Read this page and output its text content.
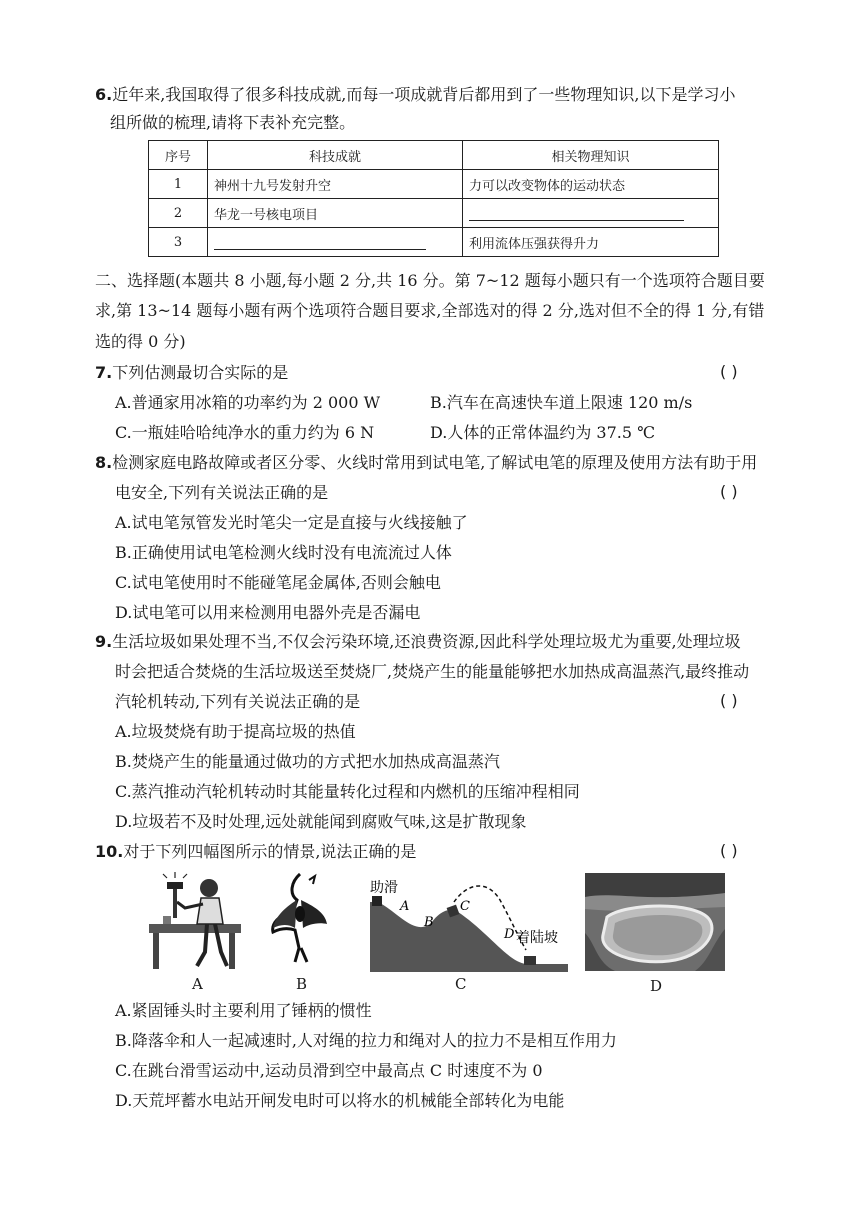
6.近年来,我国取得了很多科技成就,而每一项成就背后都用到了一些物理知识,以下是学习小
组所做的梳理,请将下表补充完整。
序号	科技成就	相关物理知识
1	神州十九号发射升空	力可以改变物体的运动状态
2	华龙一号核电项目	
3		利用流体压强获得升力
二、选择题(本题共 8 小题,每小题 2 分,共 16 分。第 7~12 题每小题只有一个选项符合题目要
求,第 13~14 题每小题有两个选项符合题目要求,全部选对的得 2 分,选对但不全的得 1 分,有错
选的得 0 分)
7.下列估测最切合实际的是	( )
A.普通家用冰箱的功率约为 2 000 W	B.汽车在高速快车道上限速 120 m/s
C.一瓶娃哈哈纯净水的重力约为 6 N	D.人体的正常体温约为 37.5 ℃
8.检测家庭电路故障或者区分零、火线时常用到试电笔,了解试电笔的原理及使用方法有助于用
电安全,下列有关说法正确的是	( )
A.试电笔氖管发光时笔尖一定是直接与火线接触了
B.正确使用试电笔检测火线时没有电流流过人体
C.试电笔使用时不能碰笔尾金属体,否则会触电
D.试电笔可以用来检测用电器外壳是否漏电
9.生活垃圾如果处理不当,不仅会污染环境,还浪费资源,因此科学处理垃圾尤为重要,处理垃圾
时会把适合焚烧的生活垃圾送至焚烧厂,焚烧产生的能量能够把水加热成高温蒸汽,最终推动
汽轮机转动,下列有关说法正确的是	( )
A.垃圾焚烧有助于提高垃圾的热值
B.焚烧产生的能量通过做功的方式把水加热成高温蒸汽
C.蒸汽推动汽轮机转动时其能量转化过程和内燃机的压缩冲程相同
D.垃圾若不及时处理,远处就能闻到腐败气味,这是扩散现象
10.对于下列四幅图所示的情景,说法正确的是	( )
助滑
A
B
C
D 着陆坡
A	B	C	D
A.紧固锤头时主要利用了锤柄的惯性
B.降落伞和人一起减速时,人对绳的拉力和绳对人的拉力不是相互作用力
C.在跳台滑雪运动中,运动员滑到空中最高点 C 时速度不为 0
D.天荒坪蓄水电站开闸发电时可以将水的机械能全部转化为电能
